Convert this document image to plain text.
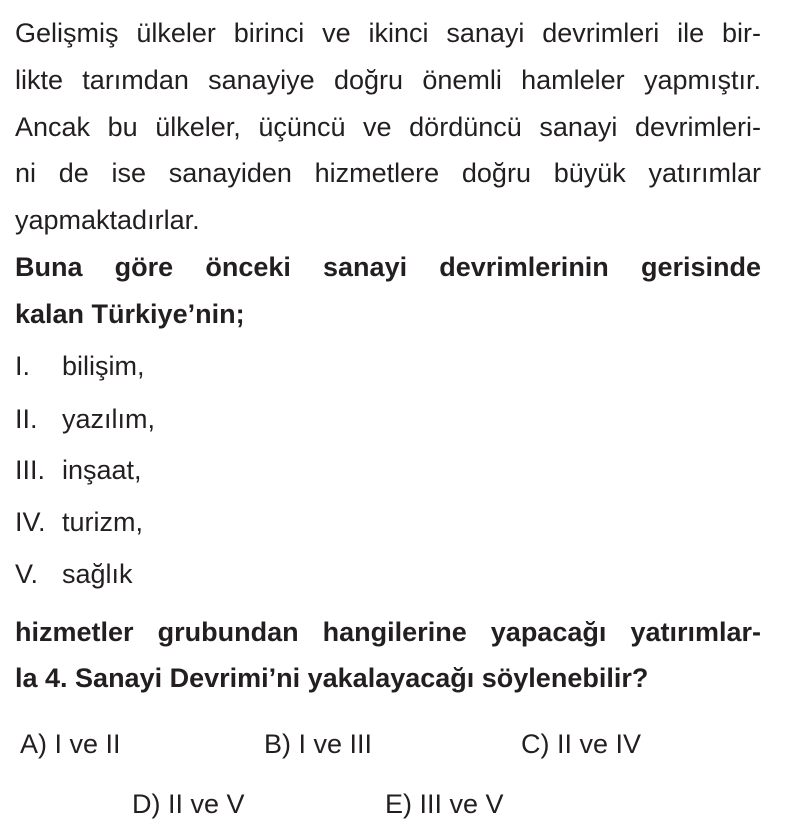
Gelişmiş ülkeler birinci ve ikinci sanayi devrimleri ile bir-
likte tarımdan sanayiye doğru önemli hamleler yapmıştır.
Ancak bu ülkeler, üçüncü ve dördüncü sanayi devrimleri-
ni de ise sanayiden hizmetlere doğru büyük yatırımlar
yapmaktadırlar.
Buna göre önceki sanayi devrimlerinin gerisinde
kalan Türkiye’nin;
I. bilişim,
II. yazılım,
III. inşaat,
IV. turizm,
V. sağlık
hizmetler grubundan hangilerine yapacağı yatırımlar-
la 4. Sanayi Devrimi’ni yakalayacağı söylenebilir?
A) I ve II	B) I ve III	C) II ve IV
D) II ve V	E) III ve V
